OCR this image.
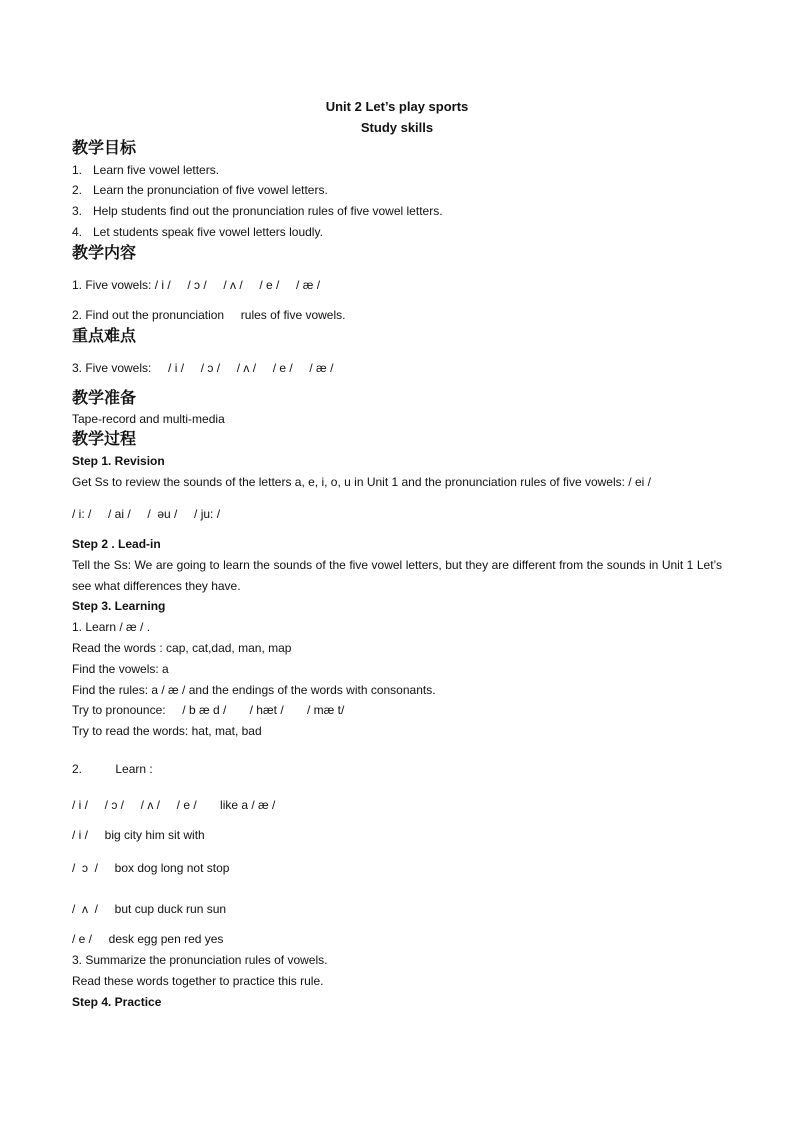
Unit 2 Let’s play sports
Study skills
教学目标
1. Learn five vowel letters.
2. Learn the pronunciation of five vowel letters.
3. Help students find out the pronunciation rules of five vowel letters.
4. Let students speak five vowel letters loudly.
教学内容
1. Five vowels: / i /     / ɔ /     / ʌ /     / e /     / æ /
2. Find out the pronunciation     rules of five vowels.
重点难点
3. Five vowels:     / i /     / ɔ /     / ʌ /     / e /     / æ /
教学准备
Tape-record and multi-media
教学过程
Step 1. Revision
Get Ss to review the sounds of the letters a, e, i, o, u in Unit 1 and the pronunciation rules of five vowels: / ei /
/ i: /     / ai /     /  əu /     / ju: /
Step 2 . Lead-in
Tell the Ss: We are going to learn the sounds of the five vowel letters, but they are different from the sounds in Unit 1 Let’s see what differences they have.
Step 3. Learning
1. Learn / æ / .
Read the words : cap, cat,dad, man, map
Find the vowels: a
Find the rules: a / æ / and the endings of the words with consonants.
Try to pronounce:     / b æ d /       / hæt /       / mæ t/
Try to read the words: hat, mat, bad
2.          Learn :
/ i /     / ɔ /     / ʌ /     / e /       like a / æ /
/ i /     big city him sit with
/  ɔ  /     box dog long not stop
/  ʌ  /     but cup duck run sun
/ e /     desk egg pen red yes
3. Summarize the pronunciation rules of vowels.
Read these words together to practice this rule.
Step 4. Practice
